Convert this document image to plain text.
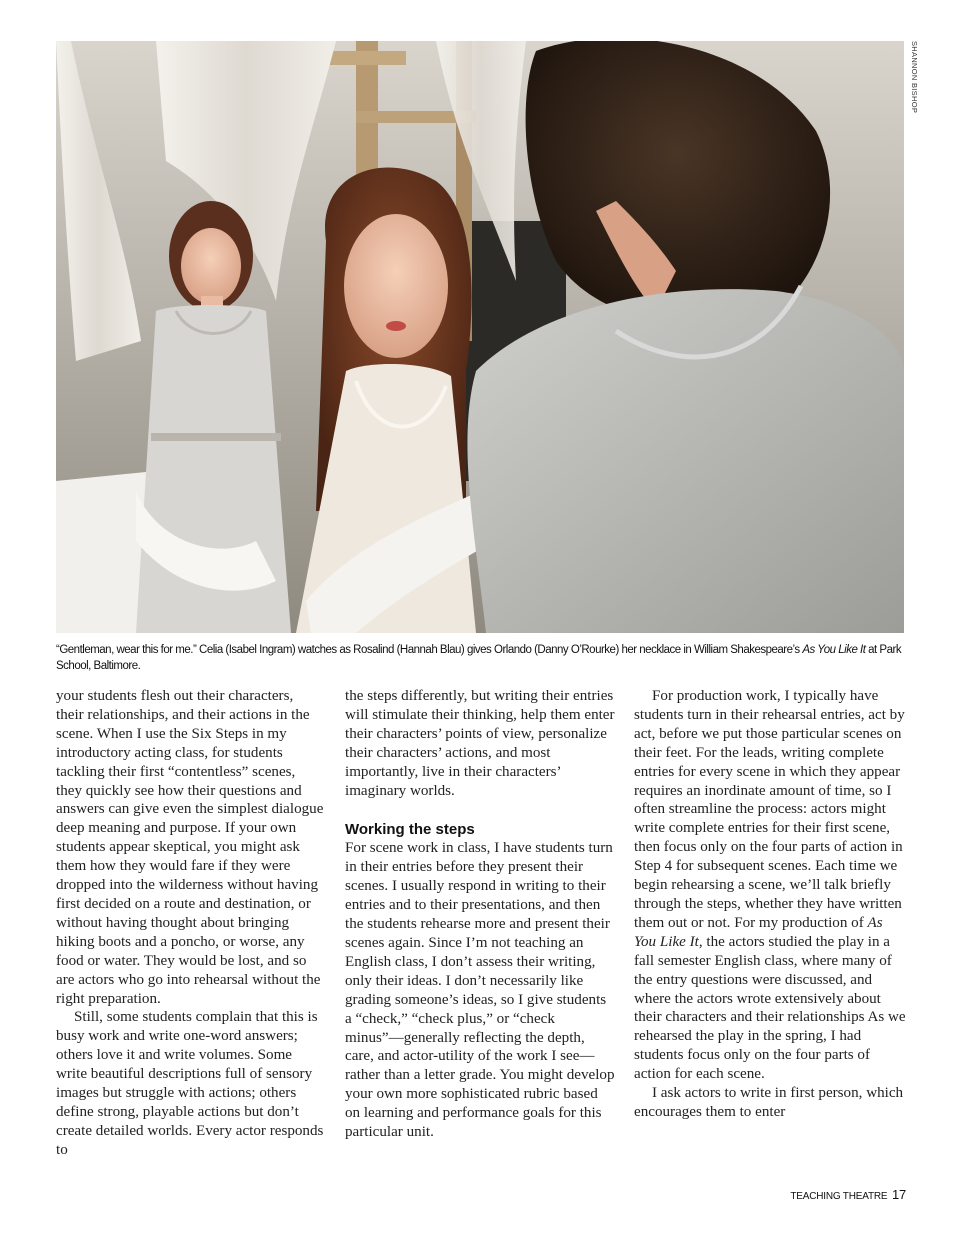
SHANNON BISHOP
“Gentleman, wear this for me.” Celia (Isabel Ingram) watches as Rosalind (Hannah Blau) gives Orlando (Danny O’Rourke) her necklace in William Shakespeare’s As You Like It at Park School, Baltimore.

your students flesh out their characters, their relationships, and their actions in the scene. When I use the Six Steps in my introductory acting class, for students tackling their first “contentless” scenes, they quickly see how their questions and answers can give even the simplest dialogue deep meaning and purpose. If your own students appear skeptical, you might ask them how they would fare if they were dropped into the wilderness without having first decided on a route and destination, or without having thought about bringing hiking boots and a poncho, or worse, any food or water. They would be lost, and so are actors who go into rehearsal without the right preparation.

Still, some students complain that this is busy work and write one-word answers; others love it and write volumes. Some write beautiful descriptions full of sensory images but struggle with actions; others define strong, playable actions but don’t create detailed worlds. Every actor responds to

the steps differently, but writing their entries will stimulate their thinking, help them enter their characters’ points of view, personalize their characters’ actions, and most importantly, live in their characters’ imaginary worlds.

Working the steps

For scene work in class, I have students turn in their entries before they present their scenes. I usually respond in writing to their entries and to their presentations, and then the students rehearse more and present their scenes again. Since I’m not teaching an English class, I don’t assess their writing, only their ideas. I don’t necessarily like grading someone’s ideas, so I give students a “check,” “check plus,” or “check minus”—generally reflecting the depth, care, and actor-utility of the work I see—rather than a letter grade. You might develop your own more sophisticated rubric based on learning and performance goals for this particular unit.

For production work, I typically have students turn in their rehearsal entries, act by act, before we put those particular scenes on their feet. For the leads, writing complete entries for every scene in which they appear requires an inordinate amount of time, so I often streamline the process: actors might write complete entries for their first scene, then focus only on the four parts of action in Step 4 for subsequent scenes. Each time we begin rehearsing a scene, we’ll talk briefly through the steps, whether they have written them out or not. For my production of As You Like It, the actors studied the play in a fall semester English class, where many of the entry questions were discussed, and where the actors wrote extensively about their characters and their relationships As we rehearsed the play in the spring, I had students focus only on the four parts of action for each scene.

I ask actors to write in first person, which encourages them to enter

TEACHING THEATRE 17
